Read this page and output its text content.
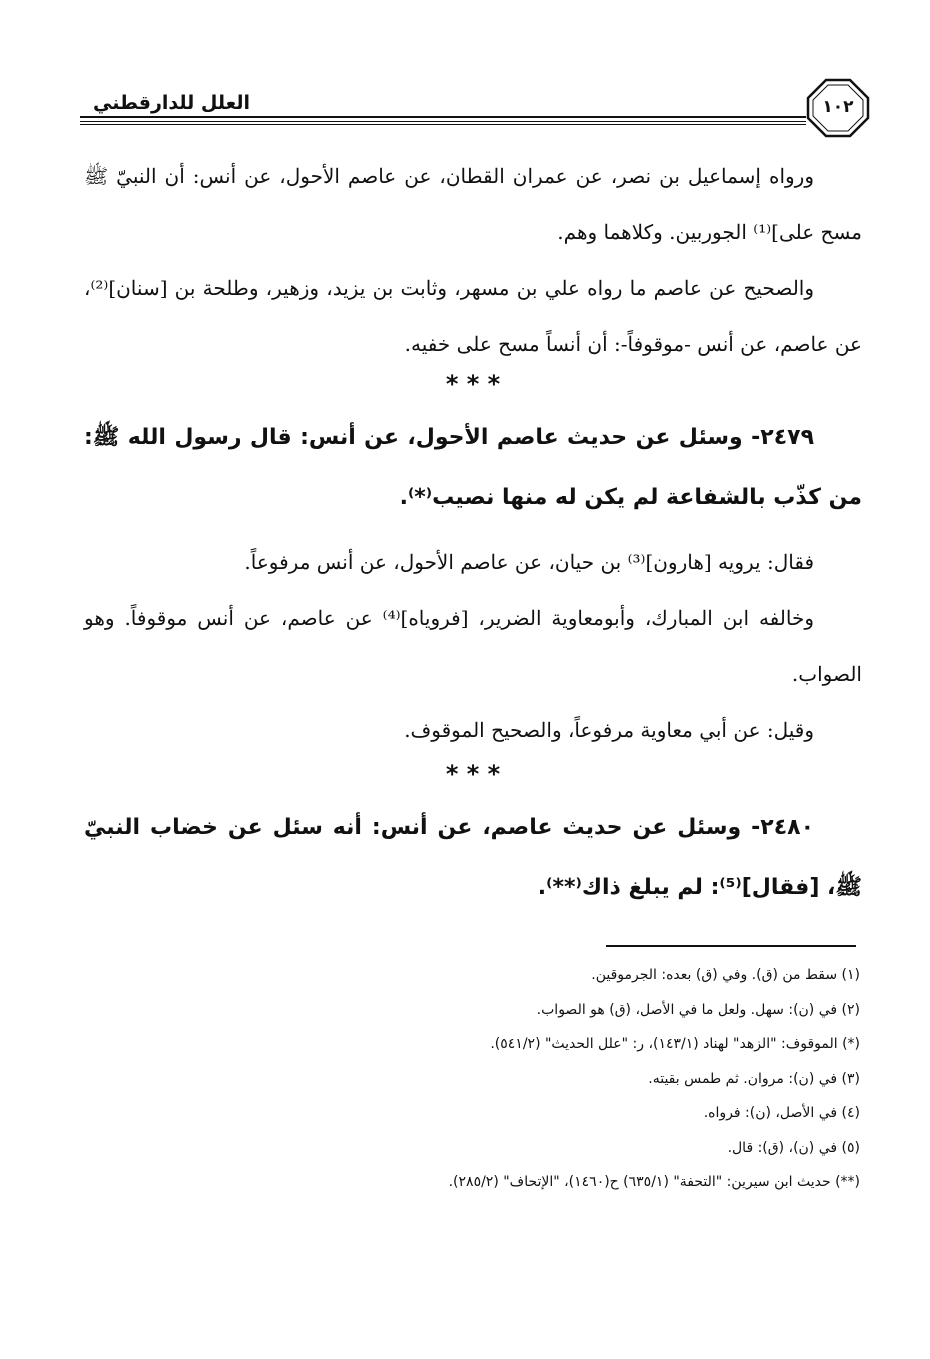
العلل للدارقطني	١٠٢

ورواه إسماعيل بن نصر، عن عمران القطان، عن عاصم الأحول، عن أنس: أن النبيّ ﷺ مسح على]⁽¹⁾ الجوربين. وكلاهما وهم.

والصحيح عن عاصم ما رواه علي بن مسهر، وثابت بن يزيد، وزهير، وطلحة بن [سنان]⁽²⁾، عن عاصم، عن أنس -موقوفاً-: أن أنساً مسح على خفيه.

* * *

٢٤٧٩- وسئل عن حديث عاصم الأحول، عن أنس: قال رسول الله ﷺ: من كذّب بالشفاعة لم يكن له منها نصيب⁽*⁾.

فقال: يرويه [هارون]⁽³⁾ بن حيان، عن عاصم الأحول، عن أنس مرفوعاً.

وخالفه ابن المبارك، وأبومعاوية الضرير، [فروياه]⁽⁴⁾ عن عاصم، عن أنس موقوفاً. وهو الصواب.

وقيل: عن أبي معاوية مرفوعاً، والصحيح الموقوف.

* * *

٢٤٨٠- وسئل عن حديث عاصم، عن أنس: أنه سئل عن خضاب النبيّ ﷺ، [فقال]⁽⁵⁾: لم يبلغ ذاك⁽**⁾.

(١) سقط من (ق). وفي (ق) بعده: الجرموقين.
(٢) في (ن): سهل. ولعل ما في الأصل، (ق) هو الصواب.
(*) الموقوف: "الزهد" لهناد (١٤٣/١)، ر: "علل الحديث" (٥٤١/٢).
(٣) في (ن): مروان. ثم طمس بقيته.
(٤) في الأصل، (ن): فرواه.
(٥) في (ن)، (ق): قال.
(**) حديث ابن سيرين: "التحفة" (٦٣٥/١) ح(١٤٦٠)، "الإتحاف" (٢٨٥/٢).
